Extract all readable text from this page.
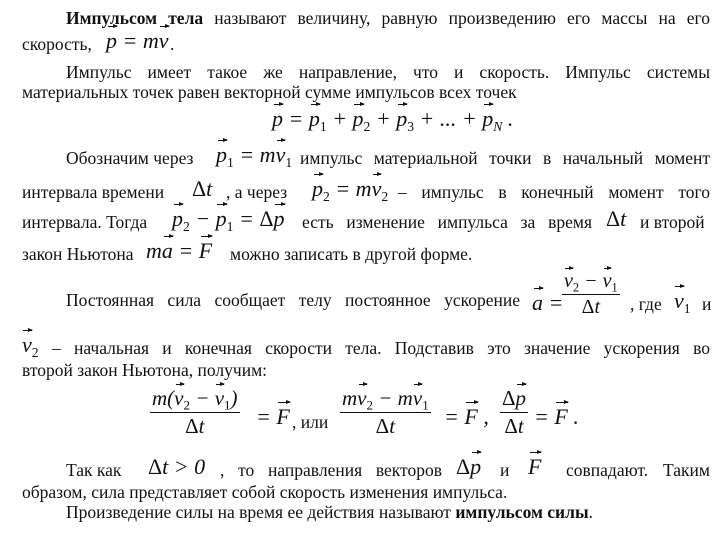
Импульсом тела называют величину, равную произведению его массы на его
скорость, p = mv .
Импульс имеет такое же направление, что и скорость. Импульс системы
материальных точек равен векторной сумме импульсов всех точек
$p = p_1 + p_2 + p_3$ + ... + $p_N$ .
Обозначим через $p_1 = mv_1$ импульс материальной точки в начальный момент
интервала времени Δt , а через $p_2 = mv_2$ – импульс в конечный момент того
интервала. Тогда $p_2 - p_1 = \Delta p$ есть изменение импульса за время Δt и второй
закон Ньютона ma = F можно записать в другой форме.
Постоянная сила сообщает телу постоянное ускорение a =
$v_2 - v_1$
Δt	, где $v_1$ и
$v_2$ – начальная и конечная скорости тела. Подставив это значение ускорения во
второй закон Ньютона, получим:
$m(v_2 - v_1)$
Δt	= F , или
$mv_2 - mv_1$
Δt	= F ,
Δp
Δt = F .
Так как Δt > 0 , то направления векторов Δp и F совпадают. Таким
образом, сила представляет собой скорость изменения импульса.
Произведение силы на время ее действия называют импульсом силы.
